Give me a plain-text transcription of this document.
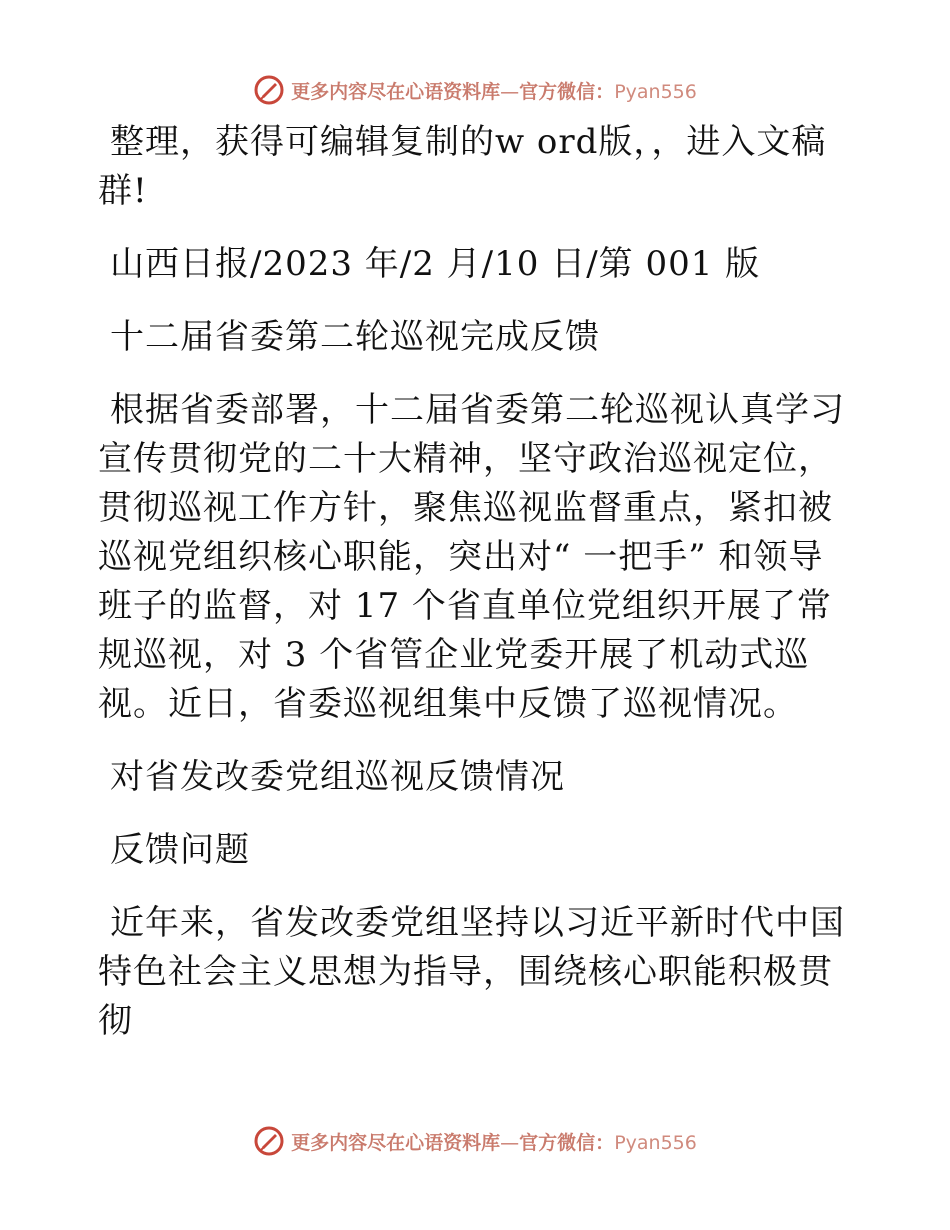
更多内容尽在心语资料库—官方微信：Pyan556

整理，获得可编辑复制的w ord版，，进入文稿群!

山西日报/2023 年/2 月/10 日/第 001 版

十二届省委第二轮巡视完成反馈

根据省委部署，十二届省委第二轮巡视认真学习宣传贯彻党的二十大精神，坚守政治巡视定位，贯彻巡视工作方针，聚焦巡视监督重点，紧扣被巡视党组织核心职能，突出对“ 一把手” 和领导班子的监督，对 17 个省直单位党组织开展了常规巡视，对 3 个省管企业党委开展了机动式巡视。近日，省委巡视组集中反馈了巡视情况。

对省发改委党组巡视反馈情况

反馈问题

近年来，省发改委党组坚持以习近平新时代中国特色社会主义思想为指导，围绕核心职能积极贯彻

更多内容尽在心语资料库—官方微信：Pyan556
